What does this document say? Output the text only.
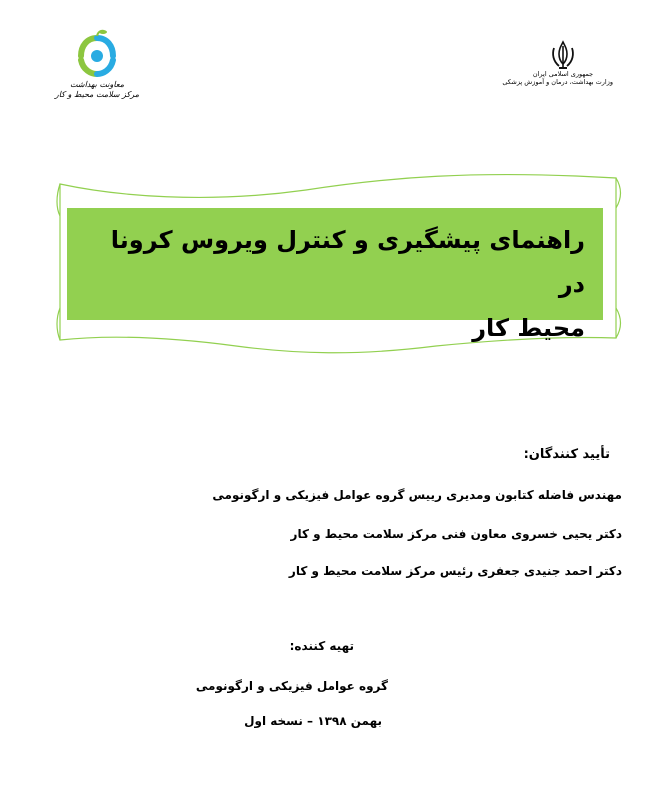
جمهوری اسلامی ایران
وزارت بهداشت، درمان و آموزش پزشکی
معاونت بهداشت
مرکز سلامت محیط و کار
راهنمای پیشگیری و کنترل ویروس کرونا در
محیط کار
تأیید کنندگان:
مهندس فاضله کتابون ومدیری رییس گروه عوامل فیزیکی و ارگونومی
دکتر یحیی خسروی معاون فنی مرکز سلامت محیط و کار
دکتر احمد جنیدی جعفری رئیس مرکز سلامت محیط و کار
تهیه کننده:
گروه عوامل فیزیکی و ارگونومی
بهمن ۱۳۹۸ – نسخه اول
